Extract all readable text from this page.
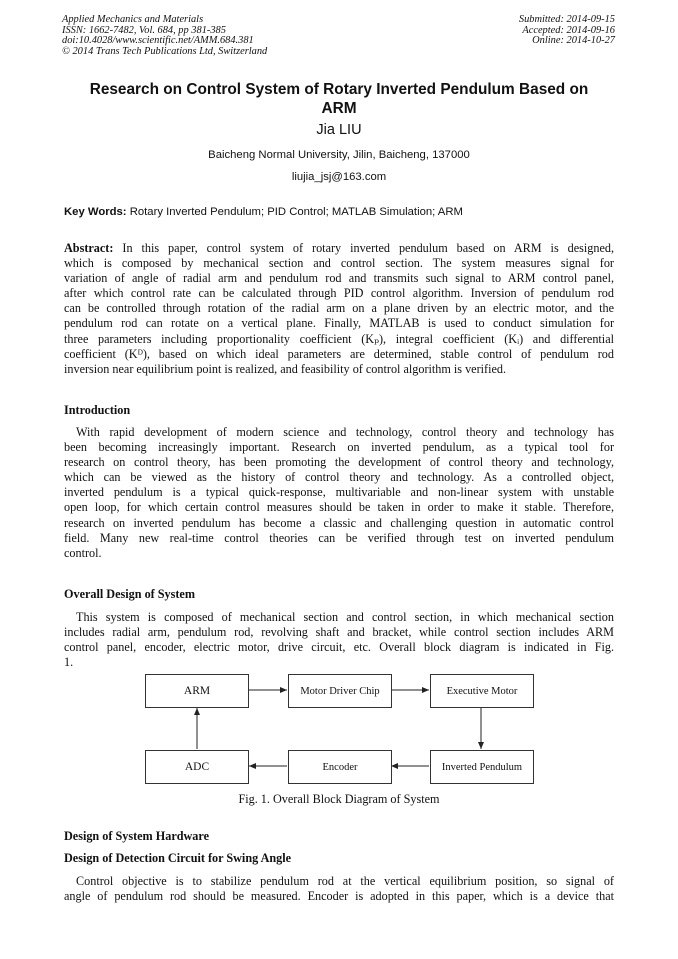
Applied Mechanics and Materials
ISSN: 1662-7482, Vol. 684, pp 381-385
doi:10.4028/www.scientific.net/AMM.684.381
© 2014 Trans Tech Publications Ltd, Switzerland
Submitted: 2014-09-15
Accepted: 2014-09-16
Online: 2014-10-27
Research on Control System of Rotary Inverted Pendulum Based on
ARM
Jia LIU
Baicheng Normal University, Jilin, Baicheng, 137000
liujia_jsj@163.com
Key Words: Rotary Inverted Pendulum; PID Control; MATLAB Simulation; ARM
Abstract: In this paper, control system of rotary inverted pendulum based on ARM is designed,
which is composed by mechanical section and control section. The system measures signal for
variation of angle of radial arm and pendulum rod and transmits such signal to ARM control panel,
after which control rate can be calculated through PID control algorithm. Inversion of pendulum rod
can be controlled through rotation of the radial arm on a plane driven by an electric motor, and the
pendulum rod can rotate on a vertical plane. Finally, MATLAB is used to conduct simulation for
three parameters including proportionality coefficient (Kₚ), integral coefficient (Kᵢ) and differential
coefficient (Kᴰ), based on which ideal parameters are determined, stable control of pendulum rod
inversion near equilibrium point is realized, and feasibility of control algorithm is verified.
Introduction
With rapid development of modern science and technology, control theory and technology has
been becoming increasingly important. Research on inverted pendulum, as a typical tool for
research on control theory, has been promoting the development of control theory and technology,
which can be viewed as the history of control theory and technology. As a controlled object,
inverted pendulum is a typical quick-response, multivariable and non-linear system with unstable
open loop, for which certain control measures should be taken in order to make it stable. Therefore,
research on inverted pendulum has become a classic and challenging question in automatic control
field. Many new real-time control theories can be verified through test on inverted pendulum
control.
Overall Design of System
This system is composed of mechanical section and control section, in which mechanical section
includes radial arm, pendulum rod, revolving shaft and bracket, while control section includes ARM
control panel, encoder, electric motor, drive circuit, etc. Overall block diagram is indicated in Fig.
1.
ARM	Motor Driver Chip	Executive Motor
ADC	Encoder	Inverted Pendulum
Fig. 1. Overall Block Diagram of System
Design of System Hardware
Design of Detection Circuit for Swing Angle
Control objective is to stabilize pendulum rod at the vertical equilibrium position, so signal of
angle of pendulum rod should be measured. Encoder is adopted in this paper, which is a device that
